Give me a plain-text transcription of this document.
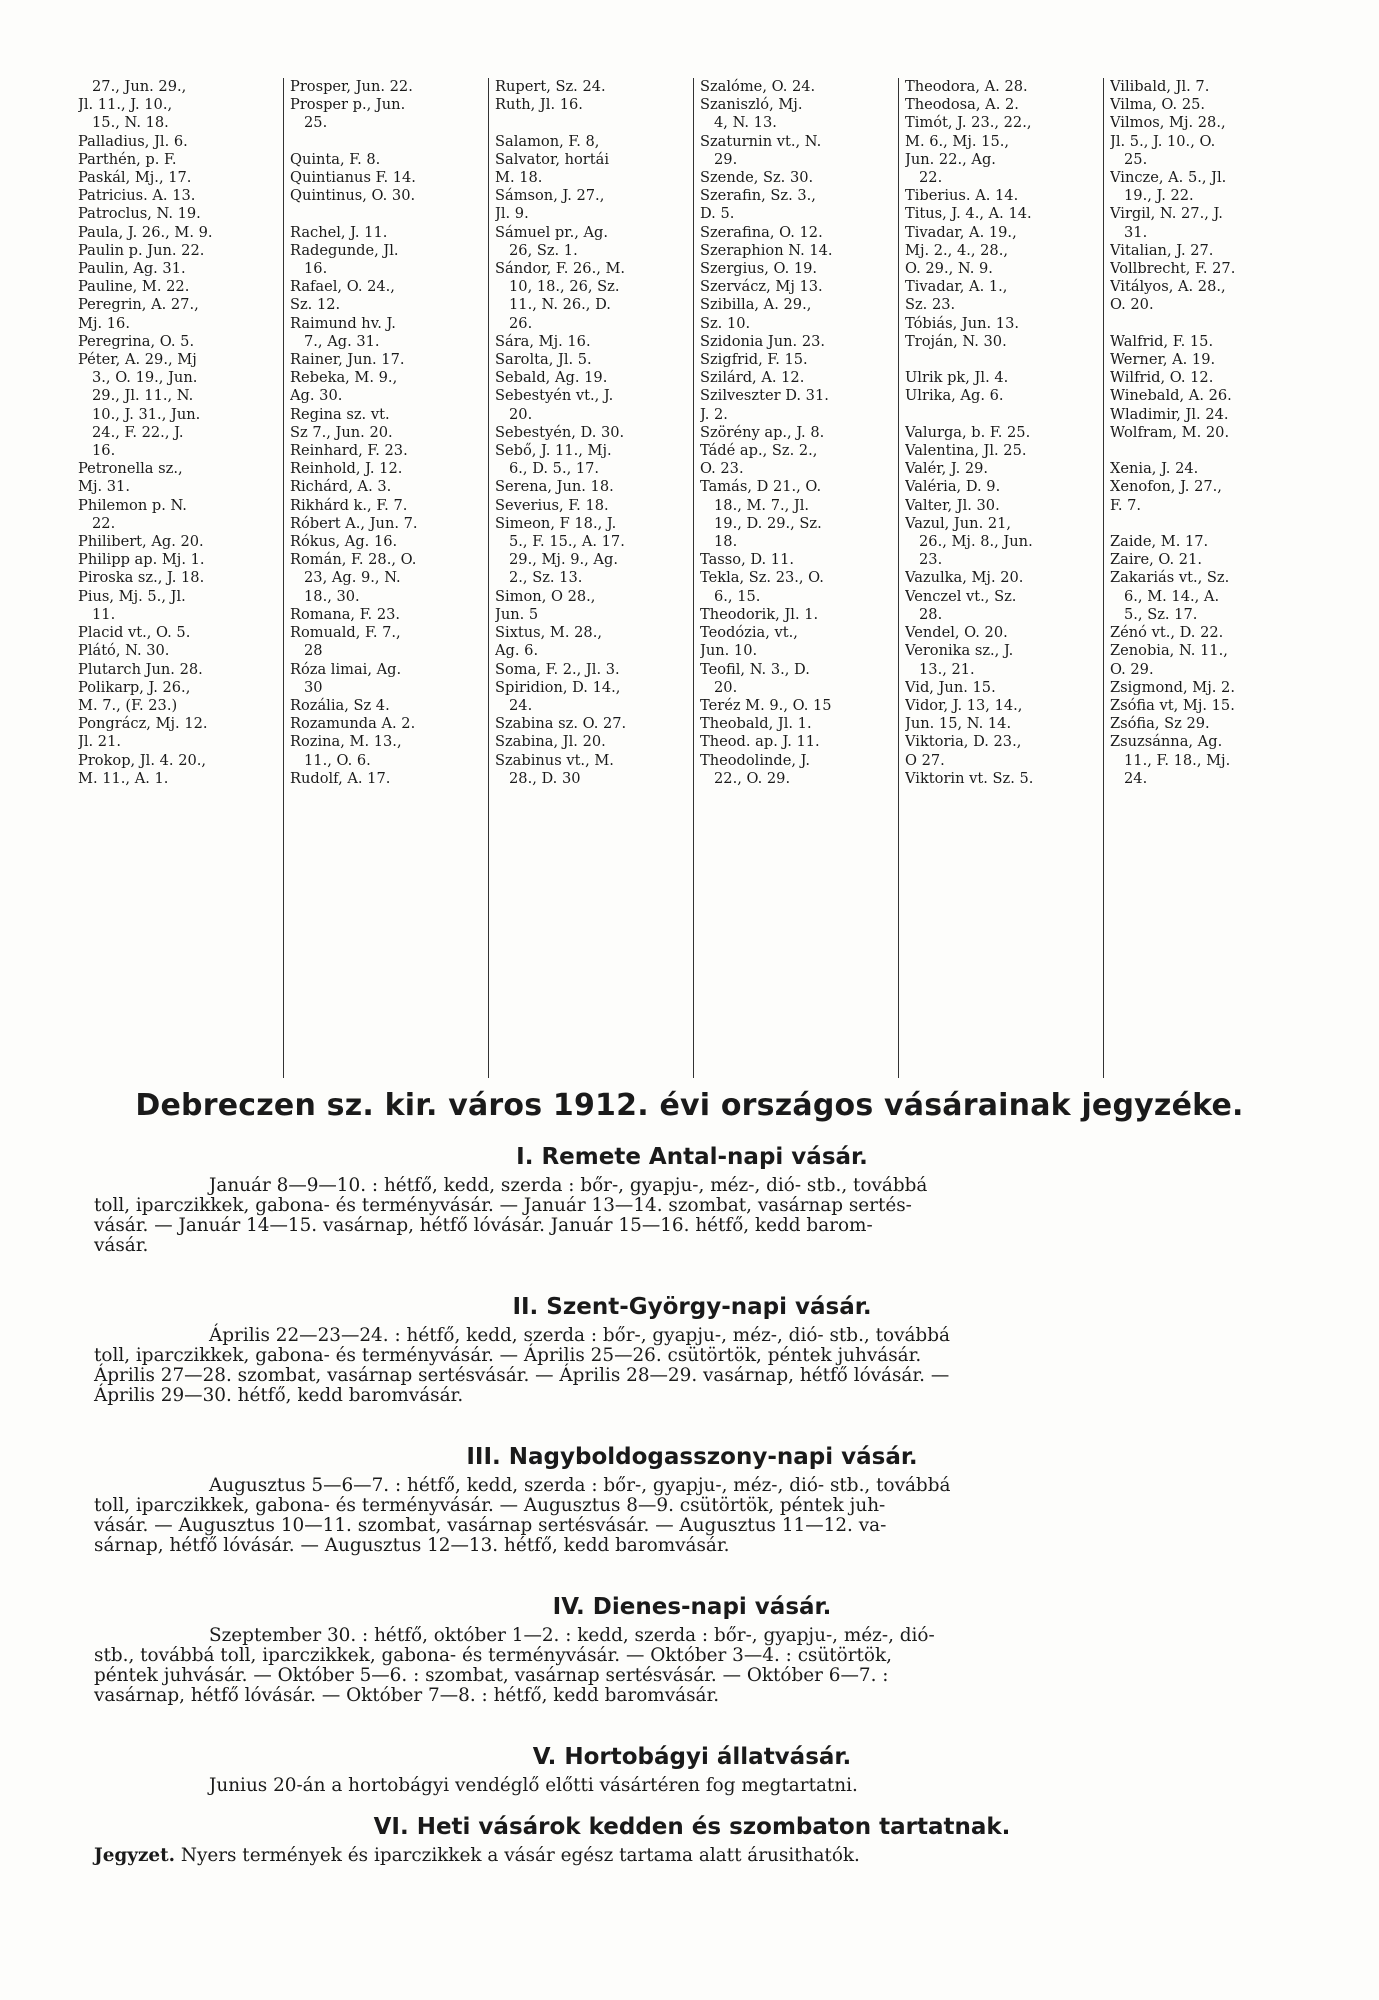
27., Jun. 29.,
Jl. 11., J. 10.,
15., N. 18.
Palladius, Jl. 6.
Parthén, p. F.
Paskál, Mj., 17.
Patricius. A. 13.
Patroclus, N. 19.
Paula, J. 26., M. 9.
Paulin p. Jun. 22.
Paulin, Ag. 31.
Pauline, M. 22.
Peregrin, A. 27.,
Mj. 16.
Peregrina, O. 5.
Péter, A. 29., Mj
3., O. 19., Jun.
29., Jl. 11., N.
10., J. 31., Jun.
24., F. 22., J.
16.
Petronella sz.,
Mj. 31.
Philemon p. N.
22.
Philibert, Ag. 20.
Philipp ap. Mj. 1.
Piroska sz., J. 18.
Pius, Mj. 5., Jl.
11.
Placid vt., O. 5.
Plátó, N. 30.
Plutarch Jun. 28.
Polikarp, J. 26.,
M. 7., (F. 23.)
Pongrácz, Mj. 12.
Jl. 21.
Prokop, Jl. 4. 20.,
M. 11., A. 1.
Prosper, Jun. 22.
Prosper p., Jun.
25.

Quinta, F. 8.
Quintianus F. 14.
Quintinus, O. 30.

Rachel, J. 11.
Radegunde, Jl.
16.
Rafael, O. 24.,
Sz. 12.
Raimund hv. J.
7., Ag. 31.
Rainer, Jun. 17.
Rebeka, M. 9.,
Ag. 30.
Regina sz. vt.
Sz 7., Jun. 20.
Reinhard, F. 23.
Reinhold, J. 12.
Richárd, A. 3.
Rikhárd k., F. 7.
Róbert A., Jun. 7.
Rókus, Ag. 16.
Román, F. 28., O.
23, Ag. 9., N.
18., 30.
Romana, F. 23.
Romuald, F. 7.,
28
Róza limai, Ag.
30
Rozália, Sz 4.
Rozamunda A. 2.
Rozina, M. 13.,
11., O. 6.
Rudolf, A. 17.
Rupert, Sz. 24.
Ruth, Jl. 16.

Salamon, F. 8,
Salvator, hortái
M. 18.
Sámson, J. 27.,
Jl. 9.
Sámuel pr., Ag.
26, Sz. 1.
Sándor, F. 26., M.
10, 18., 26, Sz.
11., N. 26., D.
26.
Sára, Mj. 16.
Sarolta, Jl. 5.
Sebald, Ag. 19.
Sebestyén vt., J.
20.
Sebestyén, D. 30.
Sebő, J. 11., Mj.
6., D. 5., 17.
Serena, Jun. 18.
Severius, F. 18.
Simeon, F 18., J.
5., F. 15., A. 17.
29., Mj. 9., Ag.
2., Sz. 13.
Simon, O 28.,
Jun. 5
Sixtus, M. 28.,
Ag. 6.
Soma, F. 2., Jl. 3.
Spiridion, D. 14.,
24.
Szabina sz. O. 27.
Szabina, Jl. 20.
Szabinus vt., M.
28., D. 30
Szalóme, O. 24.
Szaniszló, Mj.
4, N. 13.
Szaturnin vt., N.
29.
Szende, Sz. 30.
Szerafin, Sz. 3.,
D. 5.
Szerafina, O. 12.
Szeraphion N. 14.
Szergius, O. 19.
Szervácz, Mj 13.
Szibilla, A. 29.,
Sz. 10.
Szidonia Jun. 23.
Szigfrid, F. 15.
Szilárd, A. 12.
Szilveszter D. 31.
J. 2.
Szörény ap., J. 8.
Tádé ap., Sz. 2.,
O. 23.
Tamás, D 21., O.
18., M. 7., Jl.
19., D. 29., Sz.
18.
Tasso, D. 11.
Tekla, Sz. 23., O.
6., 15.
Theodorik, Jl. 1.
Teodózia, vt.,
Jun. 10.
Teofil, N. 3., D.
20.
Teréz M. 9., O. 15
Theobald, Jl. 1.
Theod. ap. J. 11.
Theodolinde, J.
22., O. 29.
Theodora, A. 28.
Theodosa, A. 2.
Timót, J. 23., 22.,
M. 6., Mj. 15.,
Jun. 22., Ag.
22.
Tiberius. A. 14.
Titus, J. 4., A. 14.
Tivadar, A. 19.,
Mj. 2., 4., 28.,
O. 29., N. 9.
Tivadar, A. 1.,
Sz. 23.
Tóbiás, Jun. 13.
Troján, N. 30.

Ulrik pk, Jl. 4.
Ulrika, Ag. 6.

Valurga, b. F. 25.
Valentina, Jl. 25.
Valér, J. 29.
Valéria, D. 9.
Valter, Jl. 30.
Vazul, Jun. 21,
26., Mj. 8., Jun.
23.
Vazulka, Mj. 20.
Venczel vt., Sz.
28.
Vendel, O. 20.
Veronika sz., J.
13., 21.
Vid, Jun. 15.
Vidor, J. 13, 14.,
Jun. 15, N. 14.
Viktoria, D. 23.,
O 27.
Viktorin vt. Sz. 5.
Vilibald, Jl. 7.
Vilma, O. 25.
Vilmos, Mj. 28.,
Jl. 5., J. 10., O.
25.
Vincze, A. 5., Jl.
19., J. 22.
Virgil, N. 27., J.
31.
Vitalian, J. 27.
Vollbrecht, F. 27.
Vitályos, A. 28.,
O. 20.

Walfrid, F. 15.
Werner, A. 19.
Wilfrid, O. 12.
Winebald, A. 26.
Wladimir, Jl. 24.
Wolfram, M. 20.

Xenia, J. 24.
Xenofon, J. 27.,
F. 7.

Zaide, M. 17.
Zaire, O. 21.
Zakariás vt., Sz.
6., M. 14., A.
5., Sz. 17.
Zénó vt., D. 22.
Zenobia, N. 11.,
O. 29.
Zsigmond, Mj. 2.
Zsófia vt, Mj. 15.
Zsófia, Sz 29.
Zsuzsánna, Ag.
11., F. 18., Mj.
24.
Debreczen sz. kir. város 1912. évi országos vásárainak jegyzéke.
I. Remete Antal-napi vásár.
Január 8—9—10. : hétfő, kedd, szerda : bőr-, gyapju-, méz-, dió- stb., továbbá
toll, iparczikkek, gabona- és terményvásár. — Január 13—14. szombat, vasárnap sertés-
vásár. — Január 14—15. vasárnap, hétfő lóvásár. Január 15—16. hétfő, kedd barom-
vásár.
II. Szent-György-napi vásár.
Április 22—23—24. : hétfő, kedd, szerda : bőr-, gyapju-, méz-, dió- stb., továbbá
toll, iparczikkek, gabona- és terményvásár. — Április 25—26. csütörtök, péntek juhvásár.
Április 27—28. szombat, vasárnap sertésvásár. — Április 28—29. vasárnap, hétfő lóvásár. —
Április 29—30. hétfő, kedd baromvásár.
III. Nagyboldogasszony-napi vásár.
Augusztus 5—6—7. : hétfő, kedd, szerda : bőr-, gyapju-, méz-, dió- stb., továbbá
toll, iparczikkek, gabona- és terményvásár. — Augusztus 8—9. csütörtök, péntek juh-
vásár. — Augusztus 10—11. szombat, vasárnap sertésvásár. — Augusztus 11—12. va-
sárnap, hétfő lóvásár. — Augusztus 12—13. hétfő, kedd baromvásár.
IV. Dienes-napi vásár.
Szeptember 30. : hétfő, október 1—2. : kedd, szerda : bőr-, gyapju-, méz-, dió-
stb., továbbá toll, iparczikkek, gabona- és terményvásár. — Október 3—4. : csütörtök,
péntek juhvásár. — Október 5—6. : szombat, vasárnap sertésvásár. — Október 6—7. :
vasárnap, hétfő lóvásár. — Október 7—8. : hétfő, kedd baromvásár.
V. Hortobágyi állatvásár.
Junius 20-án a hortobágyi vendéglő előtti vásártéren fog megtartatni.
VI. Heti vásárok kedden és szombaton tartatnak.
Jegyzet. Nyers termények és iparczikkek a vásár egész tartama alatt árusithatók.
